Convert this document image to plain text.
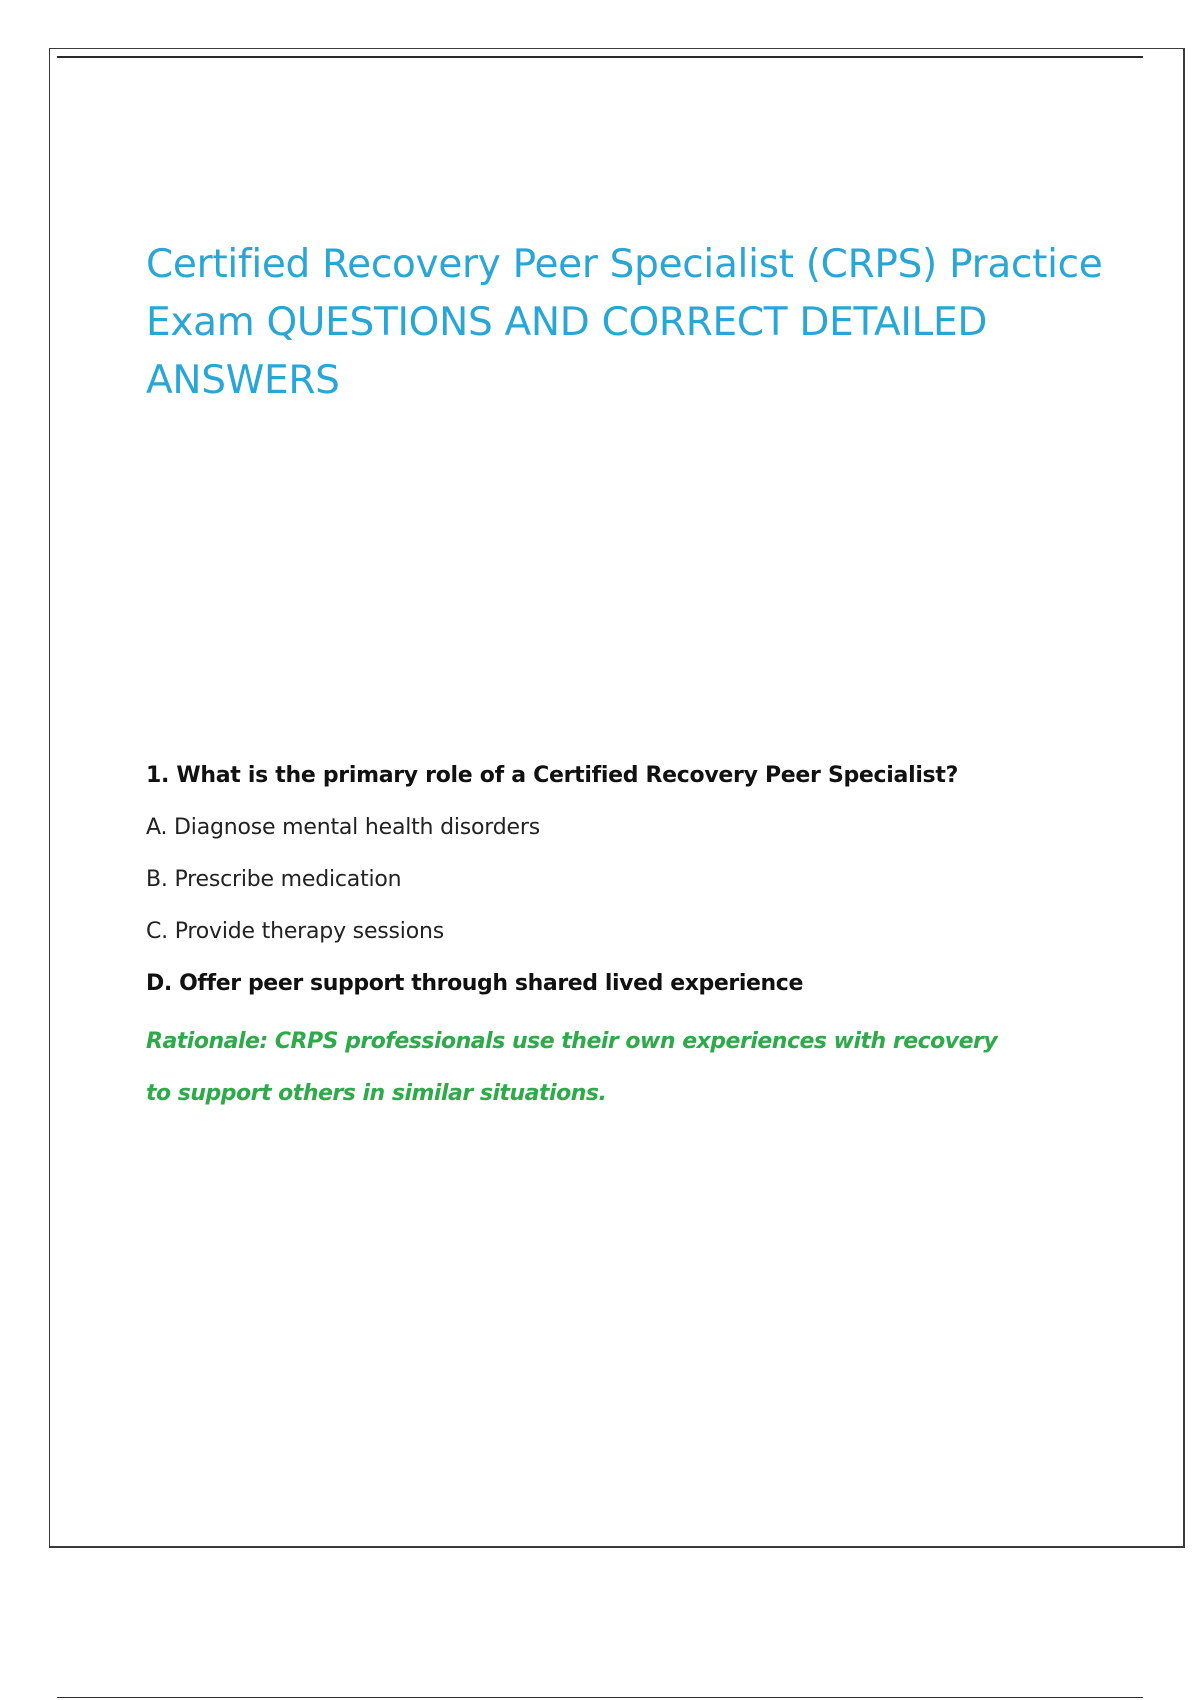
Certified Recovery Peer Specialist (CRPS) Practice Exam QUESTIONS AND CORRECT DETAILED ANSWERS

1. What is the primary role of a Certified Recovery Peer Specialist?

A. Diagnose mental health disorders

B. Prescribe medication

C. Provide therapy sessions

D. Offer peer support through shared lived experience

Rationale: CRPS professionals use their own experiences with recovery to support others in similar situations.
